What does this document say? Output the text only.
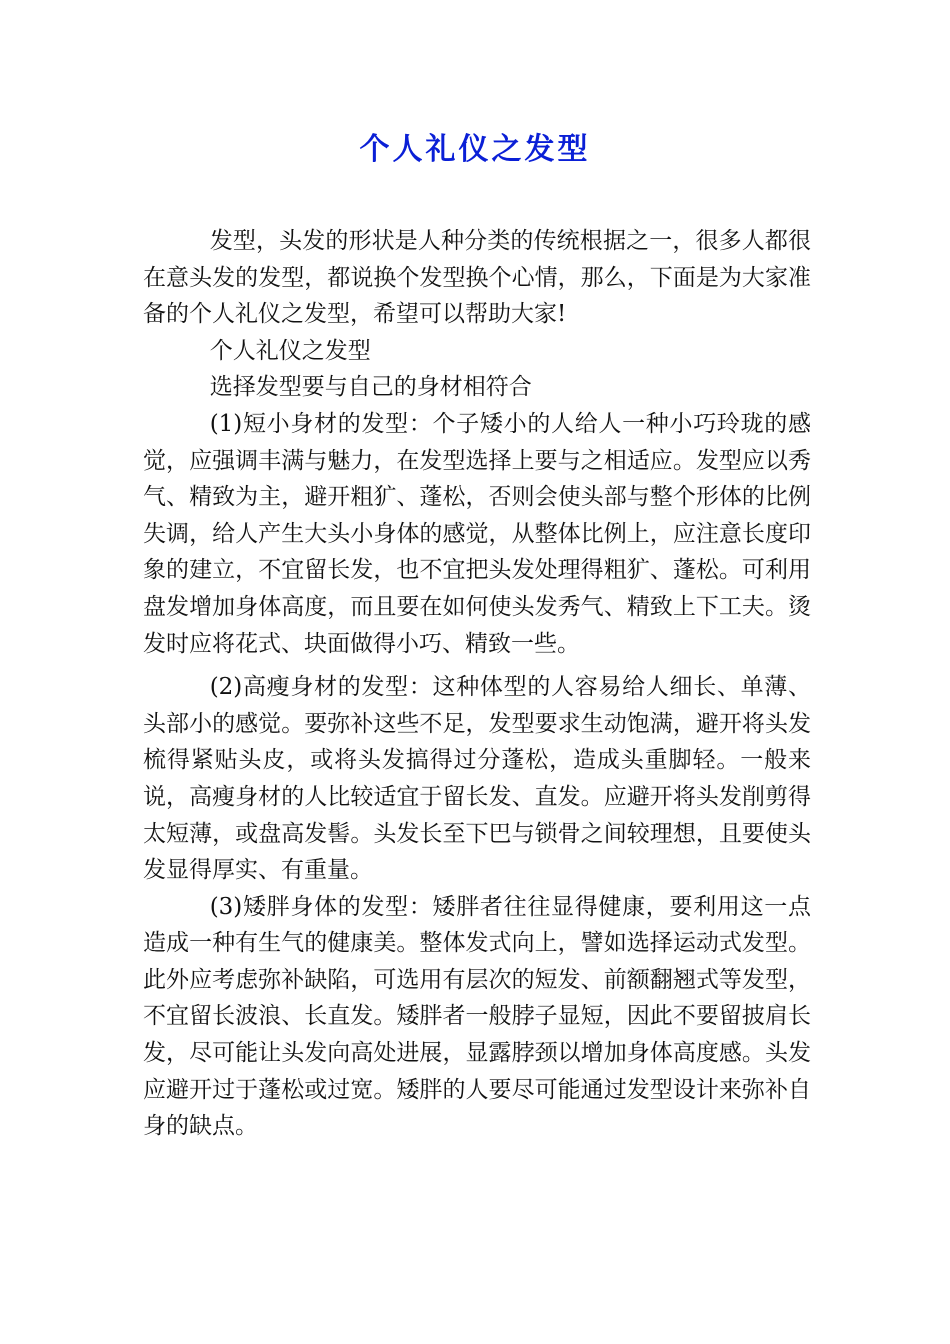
个人礼仪之发型

发型，头发的形状是人种分类的传统根据之一，很多人都很在意头发的发型，都说换个发型换个心情，那么，下面是为大家准备的个人礼仪之发型，希望可以帮助大家!

个人礼仪之发型

选择发型要与自己的身材相符合

(1)短小身材的发型：个子矮小的人给人一种小巧玲珑的感觉，应强调丰满与魅力，在发型选择上要与之相适应。发型应以秀气、精致为主，避开粗犷、蓬松，否则会使头部与整个形体的比例失调，给人产生大头小身体的感觉，从整体比例上，应注意长度印象的建立，不宜留长发，也不宜把头发处理得粗犷、蓬松。可利用盘发增加身体高度，而且要在如何使头发秀气、精致上下工夫。烫发时应将花式、块面做得小巧、精致一些。

(2)高瘦身材的发型：这种体型的人容易给人细长、单薄、头部小的感觉。要弥补这些不足，发型要求生动饱满，避开将头发梳得紧贴头皮，或将头发搞得过分蓬松，造成头重脚轻。一般来说，高瘦身材的人比较适宜于留长发、直发。应避开将头发削剪得太短薄，或盘高发髻。头发长至下巴与锁骨之间较理想，且要使头发显得厚实、有重量。

(3)矮胖身体的发型：矮胖者往往显得健康，要利用这一点造成一种有生气的健康美。整体发式向上，譬如选择运动式发型。此外应考虑弥补缺陷，可选用有层次的短发、前额翻翘式等发型，不宜留长波浪、长直发。矮胖者一般脖子显短，因此不要留披肩长发，尽可能让头发向高处进展，显露脖颈以增加身体高度感。头发应避开过于蓬松或过宽。矮胖的人要尽可能通过发型设计来弥补自身的缺点。
